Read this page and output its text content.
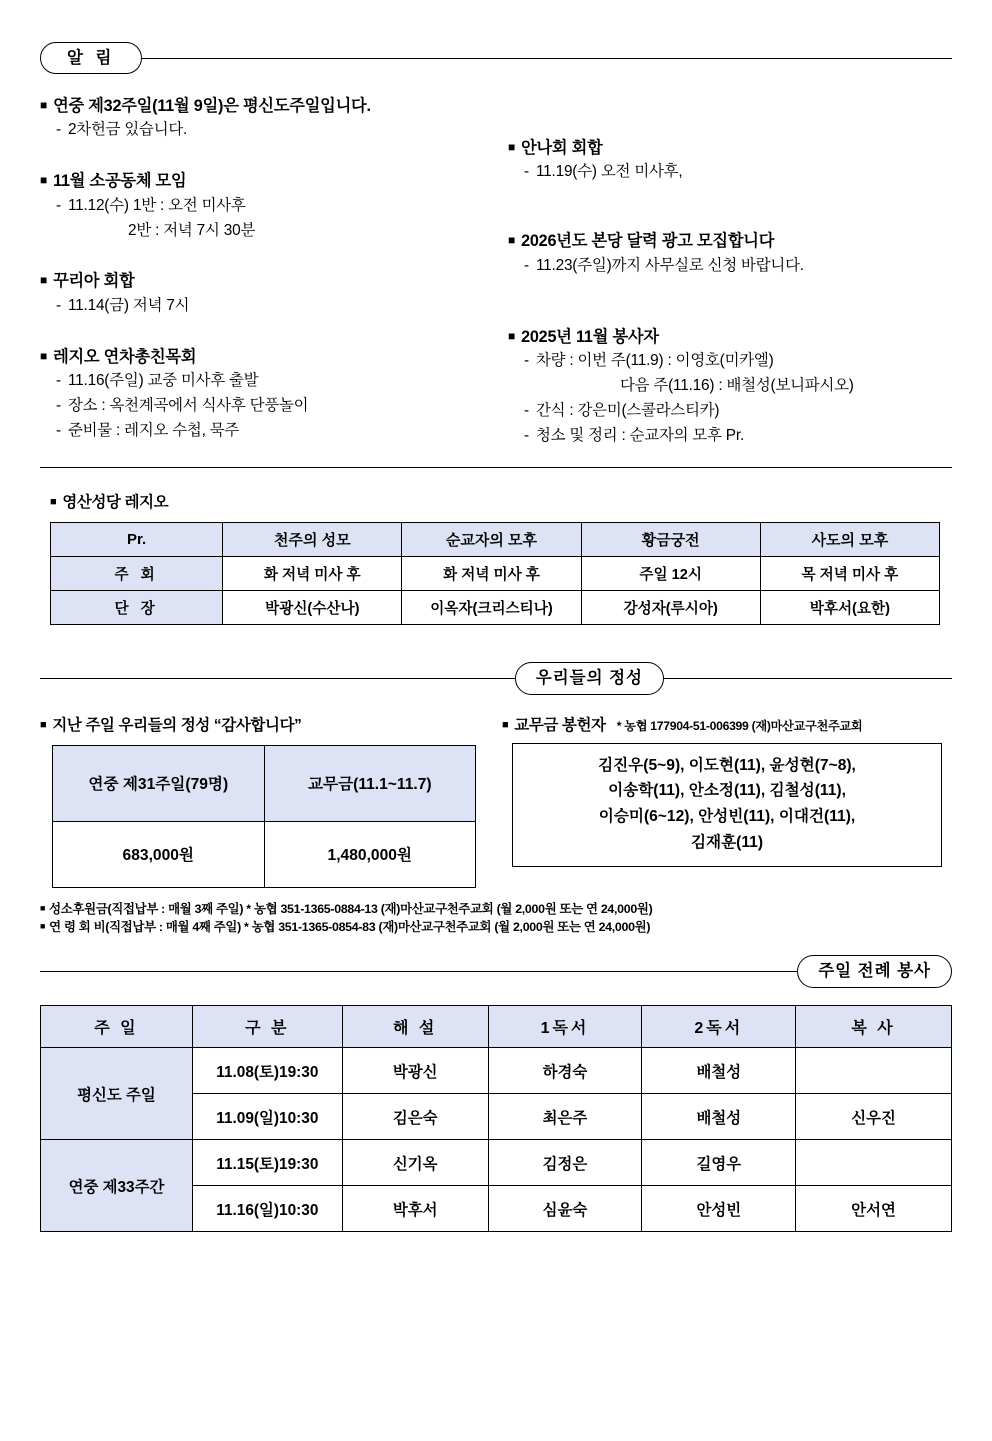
알 림
■ 연중 제32주일(11월 9일)은 평신도주일입니다.
‐ 2차헌금 있습니다.
■ 11월 소공동체 모임
‐ 11.12(수) 1반 : 오전 미사후
2반 : 저녁 7시 30분
■ 꾸리아 회합
‐ 11.14(금) 저녁 7시
■ 레지오 연차총친목회
‐ 11.16(주일) 교중 미사후 출발
‐ 장소 : 옥천계곡에서 식사후 단풍놀이
‐ 준비물 : 레지오 수첩, 묵주
■ 안나회 회합
‐ 11.19(수) 오전 미사후,
■ 2026년도 본당 달력 광고 모집합니다
‐ 11.23(주일)까지 사무실로 신청 바랍니다.
■ 2025년 11월 봉사자
‐ 차량 : 이번 주(11.9) : 이영호(미카엘)
다음 주(11.16) : 배철성(보니파시오)
‐ 간식 : 강은미(스콜라스티카)
‐ 청소 및 정리 : 순교자의 모후 Pr.
■ 영산성당 레지오
Pr.	천주의 성모	순교자의 모후	황금궁전	사도의 모후
주 회	화 저녁 미사 후	화 저녁 미사 후	주일 12시	목 저녁 미사 후
단 장	박광신(수산나)	이옥자(크리스티나)	강성자(루시아)	박후서(요한)
우리들의 정성
■ 지난 주일 우리들의 정성 “감사합니다”
연중 제31주일(79명)	교무금(11.1~11.7)
683,000원	1,480,000원
■ 교무금 봉헌자 * 농협 177904-51-006399 (재)마산교구천주교회
김진우(5~9), 이도현(11), 윤성현(7~8),
이송학(11), 안소정(11), 김철성(11),
이승미(6~12), 안성빈(11), 이대건(11),
김재훈(11)
■ 성소후원금(직접납부 : 매월 3째 주일) * 농협 351-1365-0884-13 (재)마산교구천주교회 (월 2,000원 또는 연 24,000원)
■ 연 령 회 비(직접납부 : 매월 4째 주일) * 농협 351-1365-0854-83 (재)마산교구천주교회 (월 2,000원 또는 연 24,000원)
주일 전례 봉사
주 일	구 분	해 설	1독서	2독서	복 사
평신도 주일	11.08(토)19:30	박광신	하경숙	배철성	
	11.09(일)10:30	김은숙	최은주	배철성	신우진
연중 제33주간	11.15(토)19:30	신기옥	김정은	길영우	
	11.16(일)10:30	박후서	심윤숙	안성빈	안서연
